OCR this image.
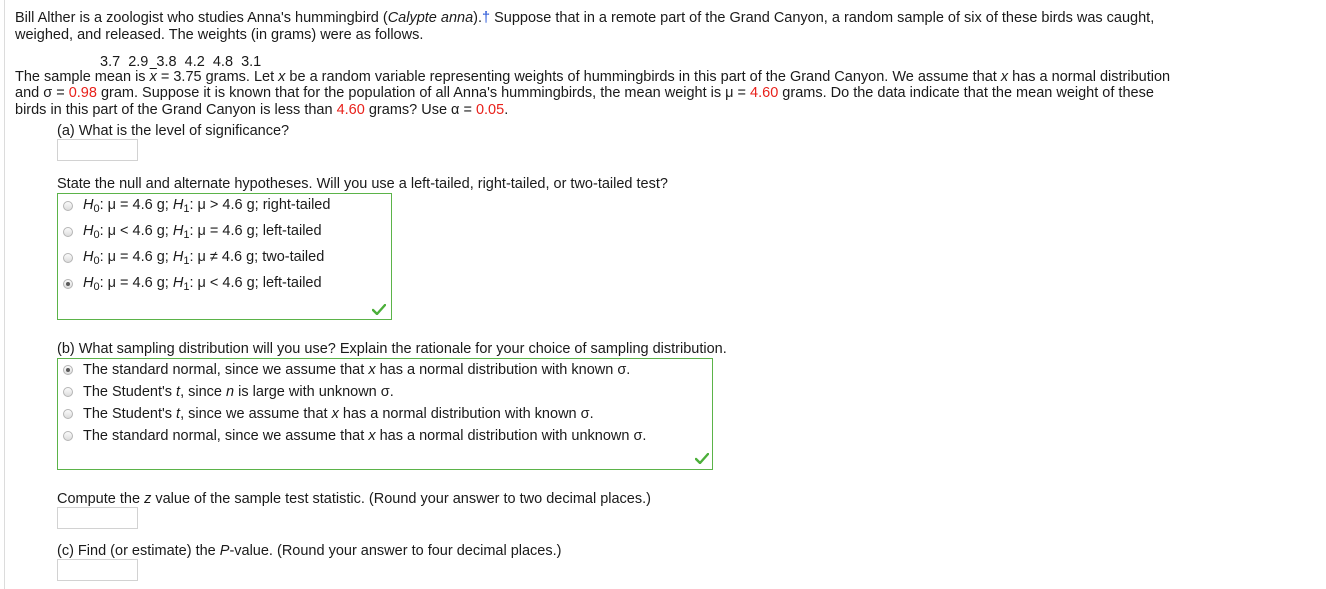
Bill Alther is a zoologist who studies Anna's hummingbird (Calypte anna).† Suppose that in a remote part of the Grand Canyon, a random sample of six of these birds was caught,
weighed, and released. The weights (in grams) were as follows.
3.7  2.9  3.8  4.2  4.8  3.1
The sample mean is $\overline{x} = 3.75$ grams. Let x be a random variable representing weights of hummingbirds in this part of the Grand Canyon. We assume that x has a normal distribution
and σ = 0.98 gram. Suppose it is known that for the population of all Anna's hummingbirds, the mean weight is μ = 4.60 grams. Do the data indicate that the mean weight of these
birds in this part of the Grand Canyon is less than 4.60 grams? Use α = 0.05.
(a) What is the level of significance?
State the null and alternate hypotheses. Will you use a left-tailed, right-tailed, or two-tailed test?
$H_0$: μ = 4.6 g; $H_1$: μ > 4.6 g; right-tailed
$H_0$: μ < 4.6 g; $H_1$: μ = 4.6 g; left-tailed
$H_0$: μ = 4.6 g; $H_1$: μ ≠ 4.6 g; two-tailed
$H_0$: μ = 4.6 g; $H_1$: μ < 4.6 g; left-tailed
(b) What sampling distribution will you use? Explain the rationale for your choice of sampling distribution.
The standard normal, since we assume that x has a normal distribution with known σ.
The Student's t, since n is large with unknown σ.
The Student's t, since we assume that x has a normal distribution with known σ.
The standard normal, since we assume that x has a normal distribution with unknown σ.
Compute the z value of the sample test statistic. (Round your answer to two decimal places.)
(c) Find (or estimate) the P-value. (Round your answer to four decimal places.)
